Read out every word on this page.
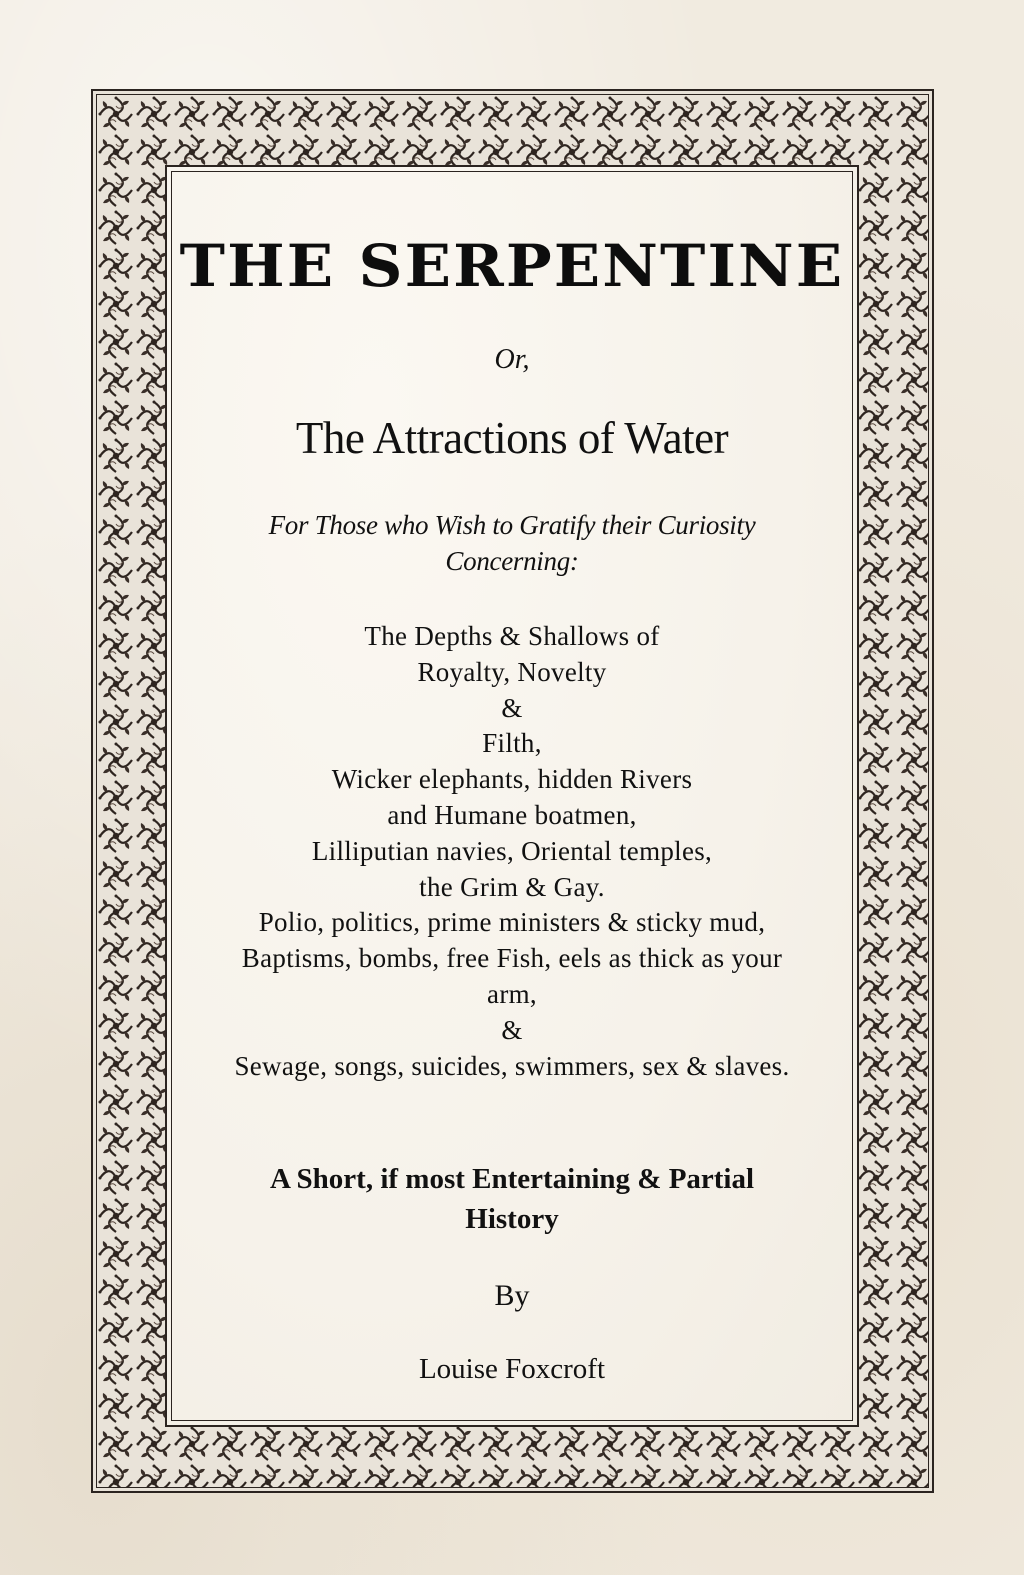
THE SERPENTINE
Or,
The Attractions of Water
For Those who Wish to Gratify their Curiosity
Concerning:
The Depths & Shallows of
Royalty, Novelty
&
Filth,
Wicker elephants, hidden Rivers
and Humane boatmen,
Lilliputian navies, Oriental temples,
the Grim & Gay.
Polio, politics, prime ministers & sticky mud,
Baptisms, bombs, free Fish, eels as thick as your
arm,
&
Sewage, songs, suicides, swimmers, sex & slaves.
A Short, if most Entertaining & Partial
History
By
Louise Foxcroft
